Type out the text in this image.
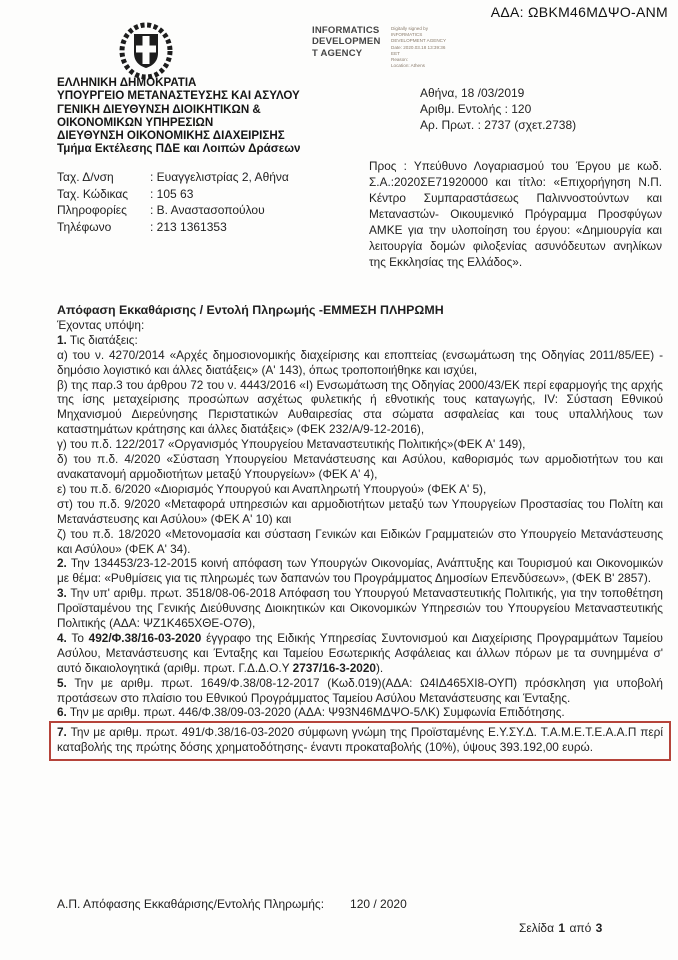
ΑΔΑ: ΩΒΚΜ46ΜΔΨΟ-ΑΝΜ
INFORMATICS
DEVELOPMEN
T AGENCY
Digitally signed by
INFORMATICS
DEVELOPMENT AGENCY
Date: 2020.03.18 13:39:36
EET
Reason:
Location: Athens
ΕΛΛΗΝΙΚΗ ΔΗΜΟΚΡΑΤΙΑ
ΥΠΟΥΡΓΕΙΟ ΜΕΤΑΝΑΣΤΕΥΣΗΣ ΚΑΙ ΑΣΥΛΟΥ
ΓΕΝΙΚΗ ΔΙΕΥΘΥΝΣΗ ΔΙΟΙΚΗΤΙΚΩΝ &
ΟΙΚΟΝΟΜΙΚΩΝ ΥΠΗΡΕΣΙΩΝ
ΔΙΕΥΘΥΝΣΗ ΟΙΚΟΝΟΜΙΚΗΣ ΔΙΑΧΕΙΡΙΣΗΣ
Τμήμα Εκτέλεσης ΠΔΕ και Λοιπών Δράσεων
Αθήνα, 18 /03/2019
Αριθμ. Εντολής : 120
Αρ. Πρωτ. : 2737 (σχετ.2738)
Ταχ. Δ/νση	: Ευαγγελιστρίας 2, Αθήνα
Ταχ. Κώδικας	: 105 63
Πληροφορίες	: Β. Αναστασοπούλου
Τηλέφωνο	: 213 1361353
Προς : Υπεύθυνο Λογαριασμού του Έργου με κωδ. Σ.Α.:2020ΣΕ71920000 και τίτλο: «Επιχορήγηση Ν.Π. Κέντρο Συμπαραστάσεως Παλιννοστούντων και Μεταναστών- Οικουμενικό Πρόγραμμα Προσφύγων ΑΜΚΕ για την υλοποίηση του έργου: «Δημιουργία και λειτουργία δομών φιλοξενίας ασυνόδευτων ανηλίκων της Εκκλησίας της Ελλάδος».

Απόφαση Εκκαθάρισης / Εντολή Πληρωμής -ΕΜΜΕΣΗ ΠΛΗΡΩΜΗ

Έχοντας υπόψη:

1. Τις διατάξεις:

α) του ν. 4270/2014 «Αρχές δημοσιονομικής διαχείρισης και εποπτείας (ενσωμάτωση της Οδηγίας 2011/85/ΕΕ) - δημόσιο λογιστικό και άλλες διατάξεις» (Α' 143), όπως τροποποιήθηκε και ισχύει,

β) της παρ.3 του άρθρου 72 του ν. 4443/2016 «Ι) Ενσωμάτωση της Οδηγίας 2000/43/ΕΚ περί εφαρμογής της αρχής της ίσης μεταχείρισης προσώπων ασχέτως φυλετικής ή εθνοτικής τους καταγωγής, IV: Σύσταση Εθνικού Μηχανισμού Διερεύνησης Περιστατικών Αυθαιρεσίας στα σώματα ασφαλείας και τους υπαλλήλους των καταστημάτων κράτησης και άλλες διατάξεις» (ΦΕΚ 232/Α/9-12-2016),

γ) του π.δ. 122/2017 «Οργανισμός Υπουργείου Μεταναστευτικής Πολιτικής»(ΦΕΚ Α' 149),

δ) του π.δ. 4/2020 «Σύσταση Υπουργείου Μετανάστευσης και Ασύλου, καθορισμός των αρμοδιοτήτων του και ανακατανομή αρμοδιοτήτων μεταξύ Υπουργείων» (ΦΕΚ Α' 4),

ε) του π.δ. 6/2020 «Διορισμός Υπουργού και Αναπληρωτή Υπουργού» (ΦΕΚ Α' 5),

στ) του π.δ. 9/2020 «Μεταφορά υπηρεσιών και αρμοδιοτήτων μεταξύ των Υπουργείων Προστασίας του Πολίτη και Μετανάστευσης και Ασύλου» (ΦΕΚ Α' 10) και

ζ) του π.δ. 18/2020 «Μετονομασία και σύσταση Γενικών και Ειδικών Γραμματειών στο Υπουργείο Μετανάστευσης και Ασύλου» (ΦΕΚ Α' 34).

2. Την 134453/23-12-2015 κοινή απόφαση των Υπουργών Οικονομίας, Ανάπτυξης και Τουρισμού και Οικονομικών με θέμα: «Ρυθμίσεις για τις πληρωμές των δαπανών του Προγράμματος Δημοσίων Επενδύσεων», (ΦΕΚ Β' 2857).

3. Την υπ' αριθμ. πρωτ. 3518/08-06-2018 Απόφαση του Υπουργού Μεταναστευτικής Πολιτικής, για την τοποθέτηση Προϊσταμένου της Γενικής Διεύθυνσης Διοικητικών και Οικονομικών Υπηρεσιών του Υπουργείου Μεταναστευτικής Πολιτικής (ΑΔΑ: ΨΖ1Κ465ΧΘΕ-Ο7Θ),

4. Το 492/Φ.38/16-03-2020 έγγραφο της Ειδικής Υπηρεσίας Συντονισμού και Διαχείρισης Προγραμμάτων Ταμείου Ασύλου, Μετανάστευσης και Ένταξης και Ταμείου Εσωτερικής Ασφάλειας και άλλων πόρων με τα συνημμένα σ' αυτό δικαιολογητικά (αριθμ. πρωτ. Γ.Δ.Δ.Ο.Υ 2737/16-3-2020).

5. Την με αριθμ. πρωτ. 1649/Φ.38/08-12-2017 (Κωδ.019)(ΑΔΑ: Ω4ΙΔ465ΧΙ8-ΟΥΠ) πρόσκληση για υποβολή προτάσεων στο πλαίσιο του Εθνικού Προγράμματος Ταμείου Ασύλου Μετανάστευσης και Ένταξης.

6. Την με αριθμ. πρωτ. 446/Φ.38/09-03-2020 (ΑΔΑ: Ψ93Ν46ΜΔΨΟ-5ΛΚ) Συμφωνία Επιδότησης.

7. Την με αριθμ. πρωτ. 491/Φ.38/16-03-2020 σύμφωνη γνώμη της Προϊσταμένης Ε.Υ.ΣΥ.Δ. Τ.Α.Μ.Ε.Τ.Ε.Α.Α.Π περί καταβολής της πρώτης δόσης χρηματοδότησης- έναντι προκαταβολής (10%), ύψους 393.192,00 ευρώ.

Α.Π. Απόφασης Εκκαθάρισης/Εντολής Πληρωμής: 120 / 2020
Σελίδα 1 από 3
